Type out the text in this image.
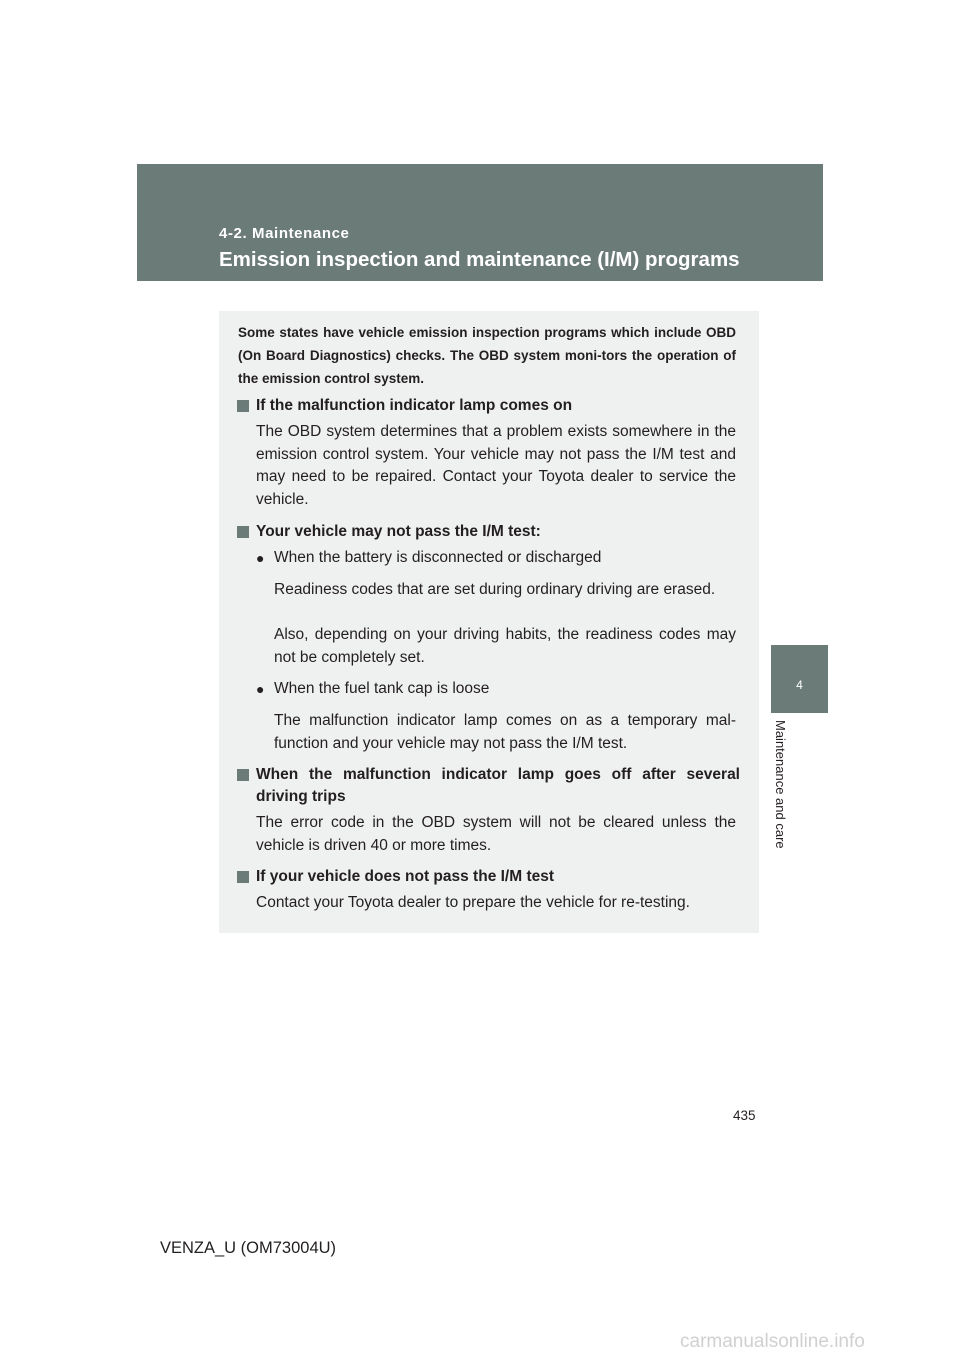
4-2. Maintenance
Emission inspection and maintenance (I/M) programs
4
Maintenance and care

Some states have vehicle emission inspection programs which include OBD (On Board Diagnostics) checks. The OBD system moni-tors the operation of the emission control system.

If the malfunction indicator lamp comes on

The OBD system determines that a problem exists somewhere in the emission control system. Your vehicle may not pass the I/M test and may need to be repaired. Contact your Toyota dealer to service the vehicle.

Your vehicle may not pass the I/M test:
● When the battery is disconnected or discharged

Readiness codes that are set during ordinary driving are erased.

Also, depending on your driving habits, the readiness codes may not be completely set.

● When the fuel tank cap is loose

The malfunction indicator lamp comes on as a temporary mal-function and your vehicle may not pass the I/M test.

When the malfunction indicator lamp goes off after several driving trips

The error code in the OBD system will not be cleared unless the vehicle is driven 40 or more times.

If your vehicle does not pass the I/M test

Contact your Toyota dealer to prepare the vehicle for re-testing.

435
VENZA_U (OM73004U)
carmanualsonline.info
